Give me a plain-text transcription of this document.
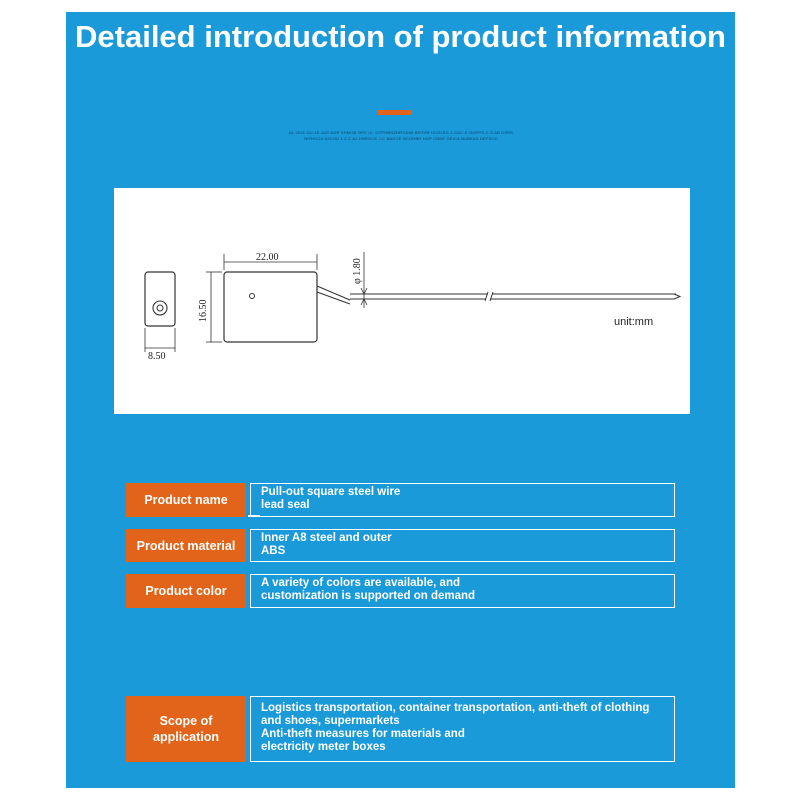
Detailed introduction of product information
UL 2021 GU-15 JUG AGR SHMGB GPC IC. GTPHBGZHRGD05 BDTHR HCOLEG 1.CDC-E GUPPS-C-S AB DSRS
NIFHCOU 8JCOU 1.Z C AJ.HNRGCE J.C BAGCE NCOHBH HOP CNKE GEICA NUBKAS DEFSOC
8.50
22.00
16.50
φ 1.80
unit:mm
Product name
Pull-out square steel wire
lead seal
Product material
Inner A8 steel and outer
ABS
Product color
A variety of colors are available, and
customization is supported on demand
Scope of
application
Logistics transportation, container transportation, anti-theft of clothing
and shoes, supermarkets
Anti-theft measures for materials and
electricity meter boxes
